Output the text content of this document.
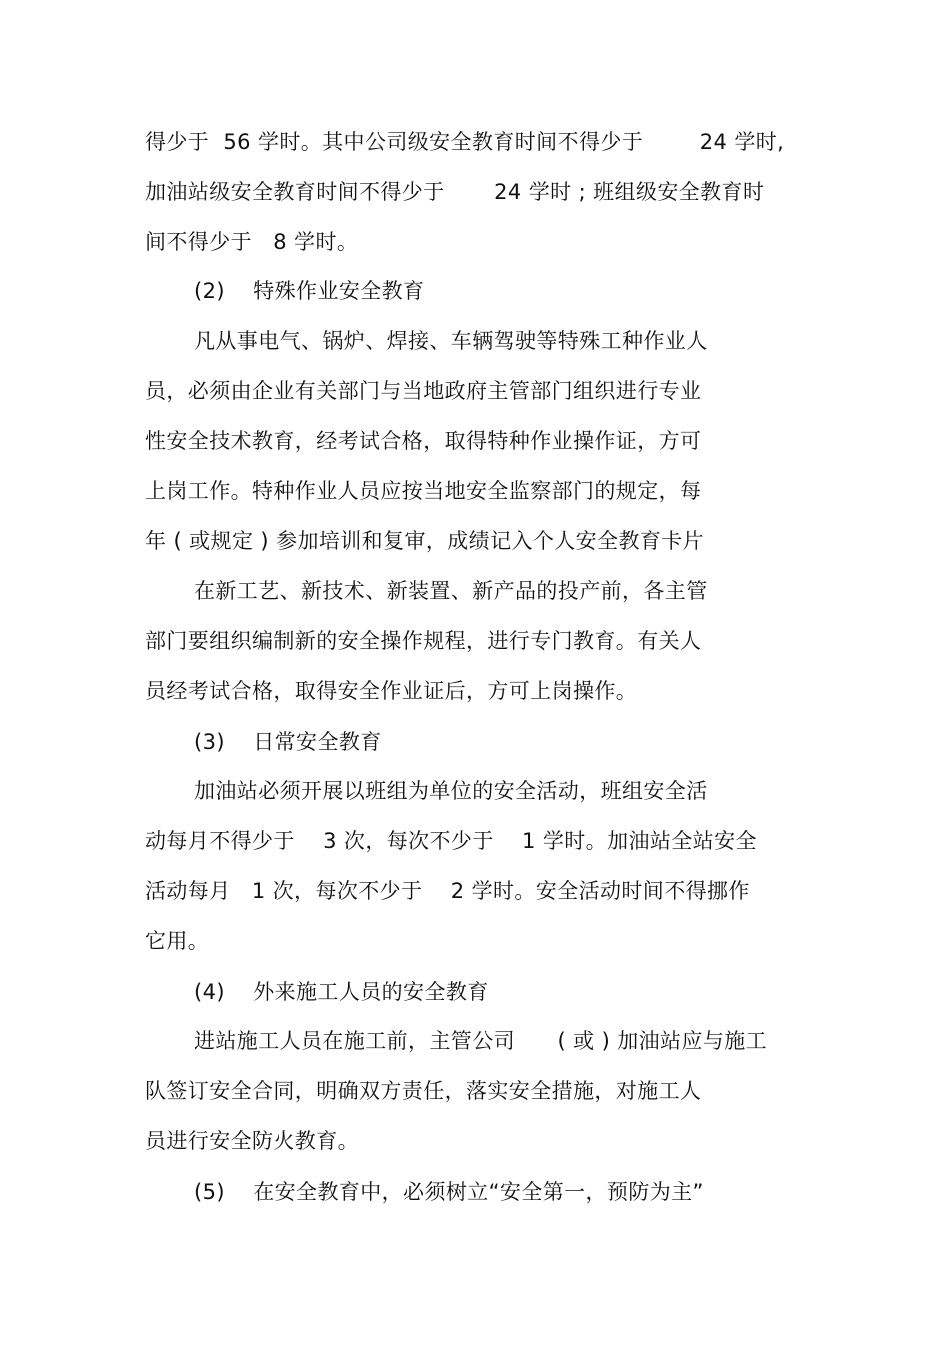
得少于  56 学时。其中公司级安全教育时间不得少于        24 学时,
加油站级安全教育时间不得少于       24 学时 ; 班组级安全教育时
间不得少于   8 学时。
(2)    特殊作业安全教育
凡从事电气、锅炉、焊接、车辆驾驶等特殊工种作业人
员，必须由企业有关部门与当地政府主管部门组织进行专业
性安全技术教育，经考试合格，取得特种作业操作证，方可
上岗工作。特种作业人员应按当地安全监察部门的规定，每
年 ( 或规定 ) 参加培训和复审，成绩记入个人安全教育卡片
在新工艺、新技术、新装置、新产品的投产前，各主管
部门要组织编制新的安全操作规程，进行专门教育。有关人
员经考试合格，取得安全作业证后，方可上岗操作。
(3)    日常安全教育
加油站必须开展以班组为单位的安全活动，班组安全活
动每月不得少于    3 次，每次不少于    1 学时。加油站全站安全
活动每月   1 次，每次不少于    2 学时。安全活动时间不得挪作
它用。
(4)    外来施工人员的安全教育
进站施工人员在施工前，主管公司      ( 或 ) 加油站应与施工
队签订安全合同，明确双方责任，落实安全措施，对施工人
员进行安全防火教育。
(5)    在安全教育中，必须树立“安全第一，预防为主”
